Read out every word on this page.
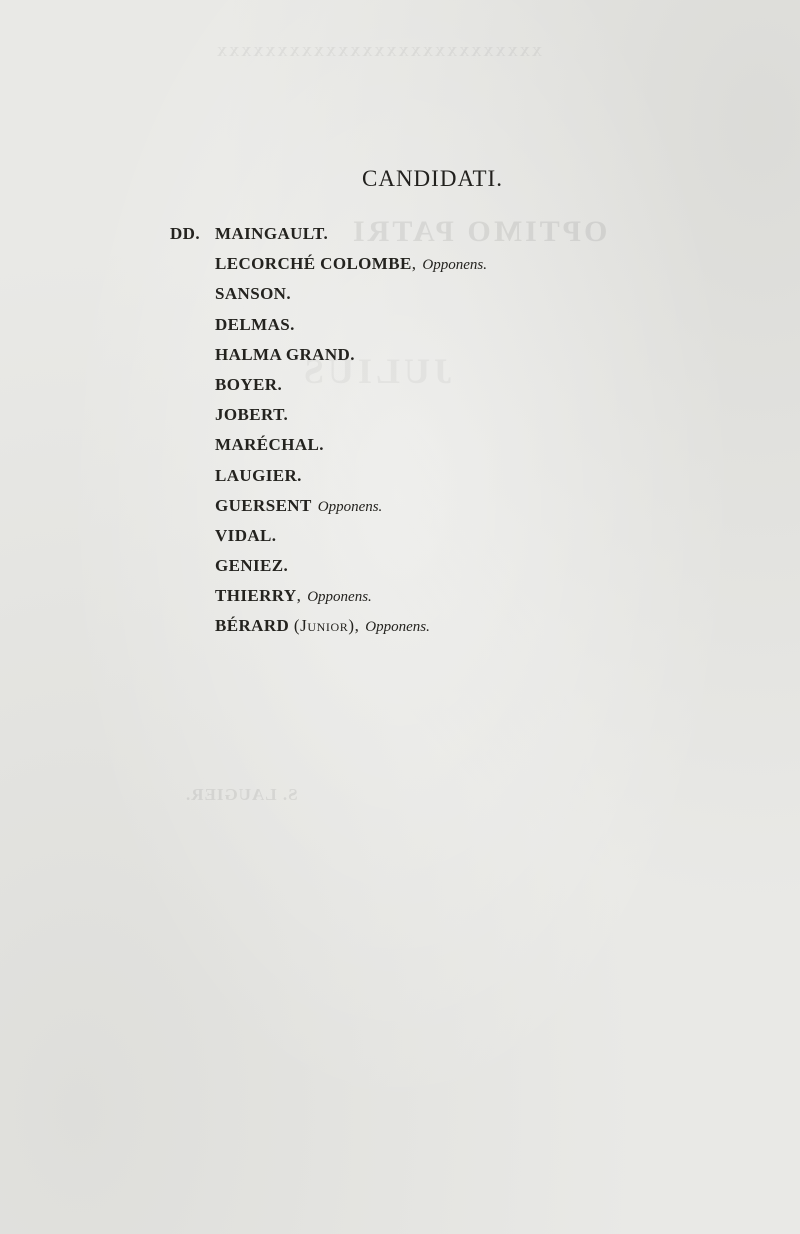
XXXXXXXXXXXXXXXXXXXXXXXXXXX
OPTIMO PATRI
JULIUS
S. LAUGIER.
CANDIDATI.
DD. MAINGAULT.
LECORCHÉ COLOMBE, Opponens.
SANSON.
DELMAS.
HALMA GRAND.
BOYER.
JOBERT.
MARÉCHAL.
LAUGIER.
GUERSENT Opponens.
VIDAL.
GENIEZ.
THIERRY, Opponens.
BÉRARD (Junior), Opponens.
